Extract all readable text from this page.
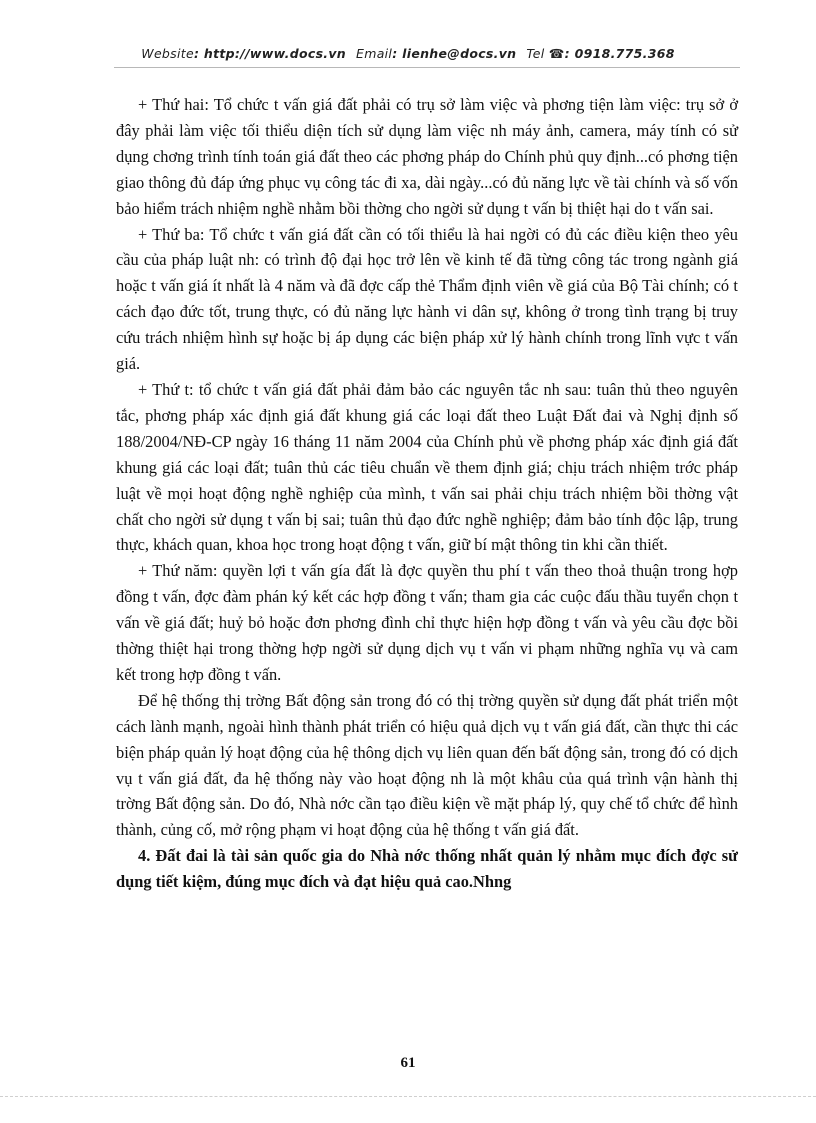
Website: http://www.docs.vn Email: lienhe@docs.vn Tel ☎: 0918.775.368

+ Thứ hai: Tổ chức t vấn giá đất phải có trụ sở làm việc và phơng tiện làm việc: trụ sở ở đây phải làm việc tối thiểu diện tích sử dụng làm việc nh máy ảnh, camera, máy tính có sử dụng chơng trình tính toán giá đất theo các phơng pháp do Chính phủ quy định...có phơng tiện giao thông đủ đáp ứng phục vụ công tác đi xa, dài ngày...có đủ năng lực về tài chính và số vốn bảo hiểm trách nhiệm nghề nhằm bồi thờng cho ngời sử dụng t vấn bị thiệt hại do t vấn sai.

+ Thứ ba: Tổ chức t vấn giá đất cần có tối thiểu là hai ngời có đủ các điều kiện theo yêu cầu của pháp luật nh: có trình độ đại học trở lên về kinh tế đã từng công tác trong ngành giá hoặc t vấn giá ít nhất là 4 năm và đã đợc cấp thẻ Thẩm định viên về giá của Bộ Tài chính; có t cách đạo đức tốt, trung thực, có đủ năng lực hành vi dân sự, không ở trong tình trạng bị truy cứu trách nhiệm hình sự hoặc bị áp dụng các biện pháp xử lý hành chính trong lĩnh vực t vấn giá.

+ Thứ t: tổ chức t vấn giá đất phải đảm bảo các nguyên tắc nh sau: tuân thủ theo nguyên tắc, phơng pháp xác định giá đất khung giá các loại đất theo Luật Đất đai và Nghị định số 188/2004/NĐ-CP ngày 16 tháng 11 năm 2004 của Chính phủ về phơng pháp xác định giá đất khung giá các loại đất; tuân thủ các tiêu chuẩn về them định giá; chịu trách nhiệm trớc pháp luật về mọi hoạt động nghề nghiệp của mình, t vấn sai phải chịu trách nhiệm bồi thờng vật chất cho ngời sử dụng t vấn bị sai; tuân thủ đạo đức nghề nghiệp; đảm bảo tính độc lập, trung thực, khách quan, khoa học trong hoạt động t vấn, giữ bí mật thông tin khi cần thiết.

+ Thứ năm: quyền lợi t vấn gía đất là đợc quyền thu phí t vấn theo thoả thuận trong hợp đồng t vấn, đợc đàm phán ký kết các hợp đồng t vấn; tham gia các cuộc đấu thầu tuyển chọn t vấn về giá đất; huỷ bỏ hoặc đơn phơng đình chỉ thực hiện hợp đồng t vấn và yêu cầu đợc bồi thờng thiệt hại trong thờng hợp ngời sử dụng dịch vụ t vấn vi phạm những nghĩa vụ và cam kết trong hợp đồng t vấn.

Để hệ thống thị trờng Bất động sản trong đó có thị trờng quyền sử dụng đất phát triển một cách lành mạnh, ngoài hình thành phát triển có hiệu quả dịch vụ t vấn giá đất, cần thực thi các biện pháp quản lý hoạt động của hệ thông dịch vụ liên quan đến bất động sản, trong đó có dịch vụ t vấn giá đất, đa hệ thống này vào hoạt động nh là một khâu của quá trình vận hành thị trờng Bất động sản. Do đó, Nhà nớc cần tạo điều kiện về mặt pháp lý, quy chế tổ chức để hình thành, củng cố, mở rộng phạm vi hoạt động của hệ thống t vấn giá đất.

4. Đất đai là tài sản quốc gia do Nhà nớc thống nhất quản lý nhằm mục đích đợc sử dụng tiết kiệm, đúng mục đích và đạt hiệu quả cao.Nhng

61
